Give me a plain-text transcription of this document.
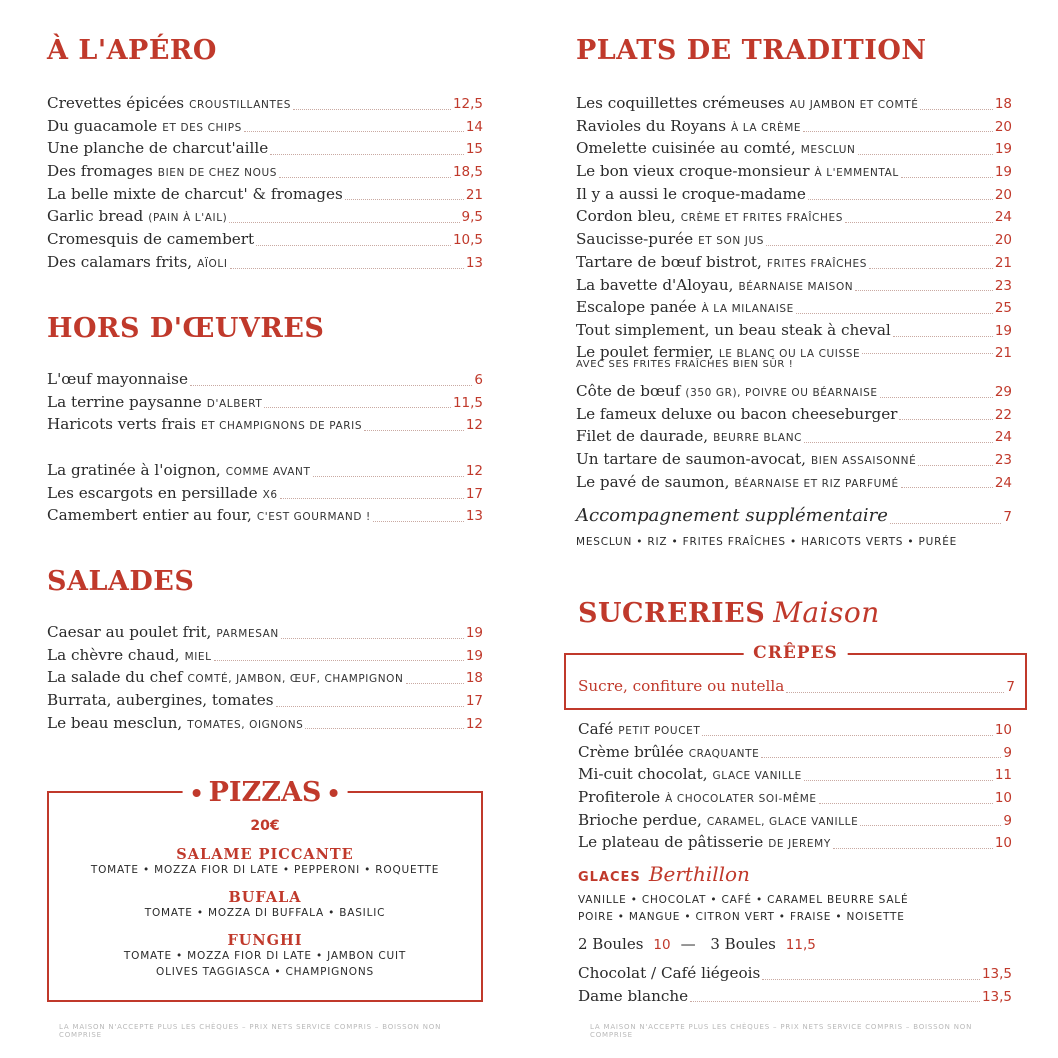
À L'APÉRO
Crevettes épicées CROUSTILLANTES	12,5
Du guacamole ET DES CHIPS	14
Une planche de charcut'aille	15
Des fromages BIEN DE CHEZ NOUS	18,5
La belle mixte de charcut' & fromages	21
Garlic bread (PAIN À L'AIL)	9,5
Cromesquis de camembert	10,5
Des calamars frits, AÏOLI	13
HORS D'ŒUVRES
L'œuf mayonnaise	6
La terrine paysanne D'ALBERT	11,5
Haricots verts frais ET CHAMPIGNONS DE PARIS	12
La gratinée à l'oignon, COMME AVANT	12
Les escargots en persillade X6	17
Camembert entier au four, C'EST GOURMAND !	13
SALADES
Caesar au poulet frit, PARMESAN	19
La chèvre chaud, MIEL	19
La salade du chef COMTÉ, JAMBON, ŒUF, CHAMPIGNON	18
Burrata, aubergines, tomates	17
Le beau mesclun, TOMATES, OIGNONS	12
PIZZAS
20€
SALAME PICCANTE
TOMATE • MOZZA FIOR DI LATE • PEPPERONI • ROQUETTE
BUFALA
TOMATE • MOZZA DI BUFFALA • BASILIC
FUNGHI
TOMATE • MOZZA FIOR DI LATE • JAMBON CUIT
OLIVES TAGGIASCA • CHAMPIGNONS
LA MAISON N'ACCEPTE PLUS LES CHÈQUES – PRIX NETS SERVICE COMPRIS – BOISSON NON COMPRISE
PLATS DE TRADITION
Les coquillettes crémeuses AU JAMBON ET COMTÉ	18
Ravioles du Royans À LA CRÈME	20
Omelette cuisinée au comté, MESCLUN	19
Le bon vieux croque-monsieur À L'EMMENTAL	19
Il y a aussi le croque-madame	20
Cordon bleu, CRÈME ET FRITES FRAÎCHES	24
Saucisse-purée ET SON JUS	20
Tartare de bœuf bistrot, FRITES FRAÎCHES	21
La bavette d'Aloyau, BÉARNAISE MAISON	23
Escalope panée À LA MILANAISE	25
Tout simplement, un beau steak à cheval	19
Le poulet fermier, LE BLANC OU LA CUISSE	21
AVEC SES FRITES FRAÎCHES BIEN SÛR !
Côte de bœuf (350 GR), POIVRE OU BÉARNAISE	29
Le fameux deluxe ou bacon cheeseburger	22
Filet de daurade, BEURRE BLANC	24
Un tartare de saumon-avocat, BIEN ASSAISONNÉ	23
Le pavé de saumon, BÉARNAISE ET RIZ PARFUMÉ	24
Accompagnement supplémentaire	7
MESCLUN • RIZ • FRITES FRAÎCHES • HARICOTS VERTS • PURÉE
SUCRERIES Maison
CRÊPES
Sucre, confiture ou nutella	7
Café PETIT POUCET	10
Crème brûlée CRAQUANTE	9
Mi-cuit chocolat, GLACE VANILLE	11
Profiterole À CHOCOLATER SOI-MÊME	10
Brioche perdue, CARAMEL, GLACE VANILLE	9
Le plateau de pâtisserie DE JEREMY	10
GLACES Berthillon
VANILLE • CHOCOLAT • CAFÉ • CARAMEL BEURRE SALÉ
POIRE • MANGUE • CITRON VERT • FRAISE • NOISETTE
2 Boules 10 — 3 Boules 11,5
Chocolat / Café liégeois	13,5
Dame blanche	13,5
LA MAISON N'ACCEPTE PLUS LES CHÈQUES – PRIX NETS SERVICE COMPRIS – BOISSON NON COMPRISE
